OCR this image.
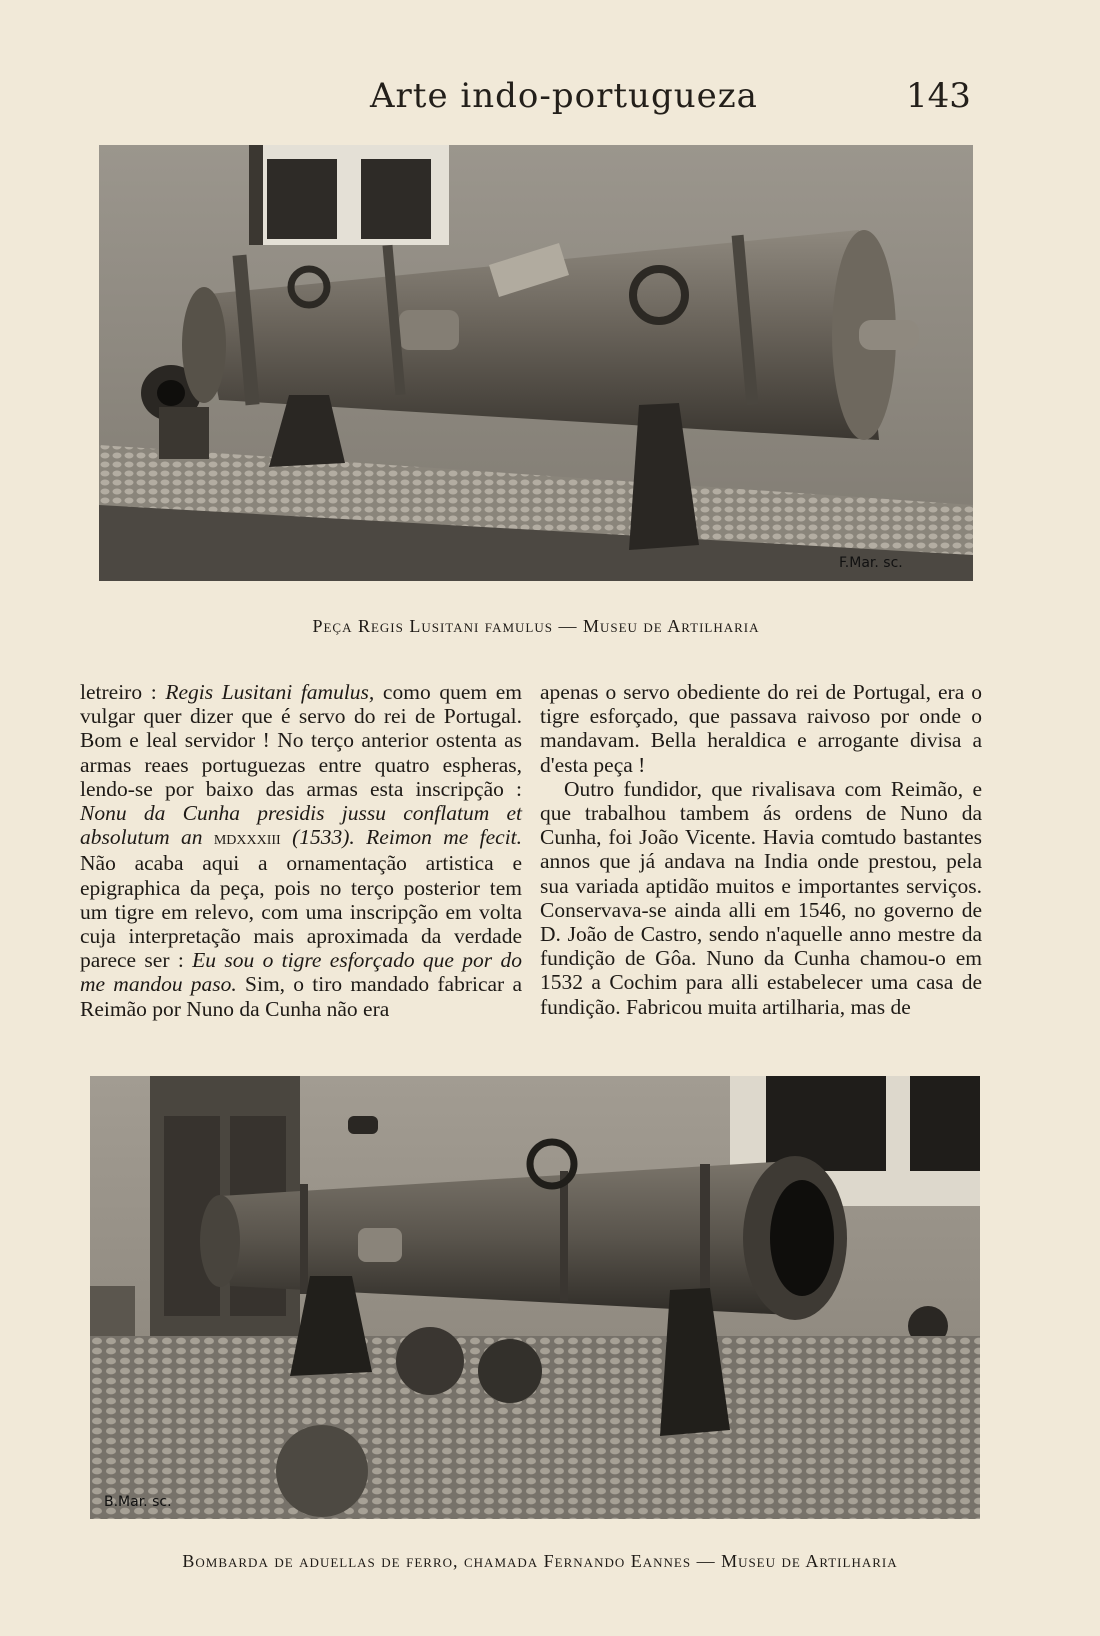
Arte indo-portugueza	143
F.Mar. sc.
Peça Regis Lusitani famulus — Museu de Artilharia

letreiro : Regis Lusitani famulus, como quem em vulgar quer dizer que é servo do rei de Portugal. Bom e leal servidor ! No terço anterior ostenta as armas reaes portuguezas entre quatro espheras, lendo-se por baixo das armas esta inscripção : Nonu da Cunha presidis jussu conflatum et absolutum an mdxxxiii (1533). Reimon me fecit. Não acaba aqui a ornamentação artistica e epigraphica da peça, pois no terço posterior tem um tigre em relevo, com uma inscripção em volta cuja interpretação mais aproximada da verdade parece ser : Eu sou o tigre esforçado que por do me mandou paso. Sim, o tiro mandado fabricar a Reimão por Nuno da Cunha não era

apenas o servo obediente do rei de Portugal, era o tigre esforçado, que passava raivoso por onde o mandavam. Bella heraldica e arrogante divisa a d'esta peça !

Outro fundidor, que rivalisava com Reimão, e que trabalhou tambem ás ordens de Nuno da Cunha, foi João Vicente. Havia comtudo bastantes annos que já andava na India onde prestou, pela sua variada aptidão muitos e importantes serviços. Conservava-se ainda alli em 1546, no governo de D. João de Castro, sendo n'aquelle anno mestre da fundição de Gôa. Nuno da Cunha chamou-o em 1532 a Cochim para alli estabelecer uma casa de fundição. Fabricou muita artilharia, mas de

B.Mar. sc.
Bombarda de aduellas de ferro, chamada Fernando Eannes — Museu de Artilharia
